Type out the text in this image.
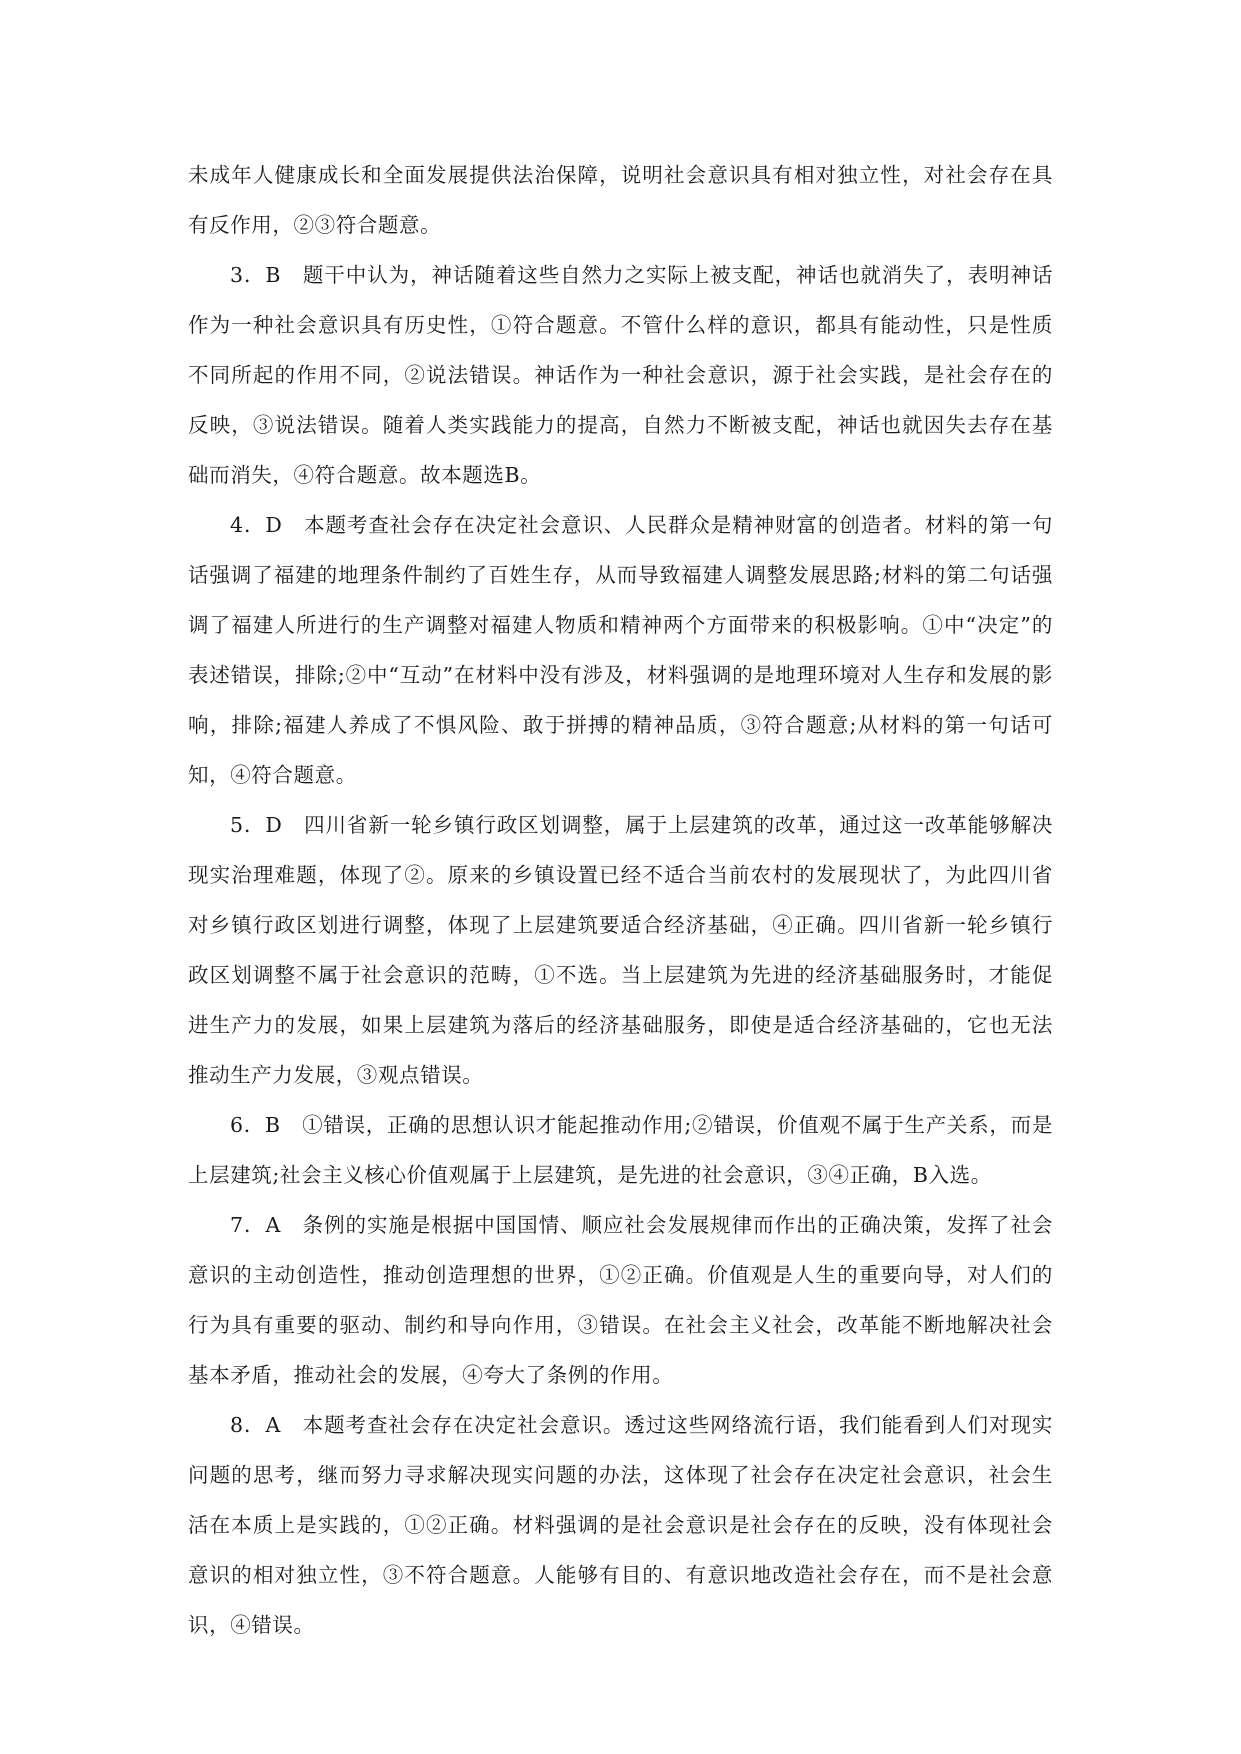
未成年人健康成长和全面发展提供法治保障，说明社会意识具有相对独立性，对社会存在具有反作用，②③符合题意。

3．B　题干中认为，神话随着这些自然力之实际上被支配，神话也就消失了，表明神话作为一种社会意识具有历史性，①符合题意。不管什么样的意识，都具有能动性，只是性质不同所起的作用不同，②说法错误。神话作为一种社会意识，源于社会实践，是社会存在的反映，③说法错误。随着人类实践能力的提高，自然力不断被支配，神话也就因失去存在基础而消失，④符合题意。故本题选B。

4．D　本题考查社会存在决定社会意识、人民群众是精神财富的创造者。材料的第一句话强调了福建的地理条件制约了百姓生存，从而导致福建人调整发展思路;材料的第二句话强调了福建人所进行的生产调整对福建人物质和精神两个方面带来的积极影响。①中“决定”的表述错误，排除;②中“互动”在材料中没有涉及，材料强调的是地理环境对人生存和发展的影响，排除;福建人养成了不惧风险、敢于拼搏的精神品质，③符合题意;从材料的第一句话可知，④符合题意。

5．D　四川省新一轮乡镇行政区划调整，属于上层建筑的改革，通过这一改革能够解决现实治理难题，体现了②。原来的乡镇设置已经不适合当前农村的发展现状了，为此四川省对乡镇行政区划进行调整，体现了上层建筑要适合经济基础，④正确。四川省新一轮乡镇行政区划调整不属于社会意识的范畴，①不选。当上层建筑为先进的经济基础服务时，才能促进生产力的发展，如果上层建筑为落后的经济基础服务，即使是适合经济基础的，它也无法推动生产力发展，③观点错误。

6．B　①错误，正确的思想认识才能起推动作用;②错误，价值观不属于生产关系，而是上层建筑;社会主义核心价值观属于上层建筑，是先进的社会意识，③④正确，B入选。

7．A　条例的实施是根据中国国情、顺应社会发展规律而作出的正确决策，发挥了社会意识的主动创造性，推动创造理想的世界，①②正确。价值观是人生的重要向导，对人们的行为具有重要的驱动、制约和导向作用，③错误。在社会主义社会，改革能不断地解决社会基本矛盾，推动社会的发展，④夸大了条例的作用。

8．A　本题考查社会存在决定社会意识。透过这些网络流行语，我们能看到人们对现实问题的思考，继而努力寻求解决现实问题的办法，这体现了社会存在决定社会意识，社会生活在本质上是实践的，①②正确。材料强调的是社会意识是社会存在的反映，没有体现社会意识的相对独立性，③不符合题意。人能够有目的、有意识地改造社会存在，而不是社会意识，④错误。
